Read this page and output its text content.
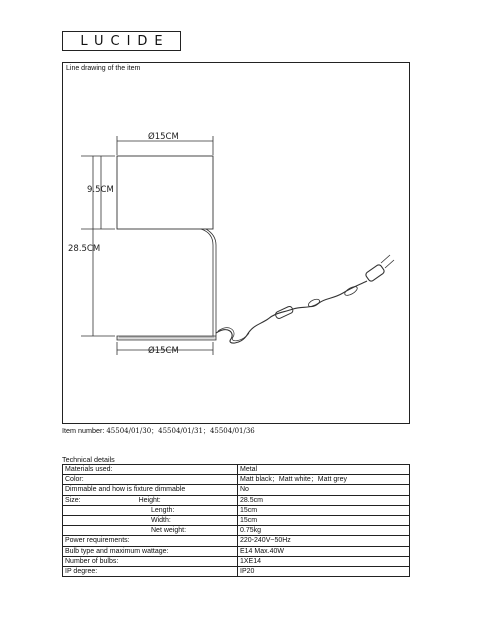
LUCIDE
Line drawing of the item
Ø15CM
Ø15CM
9.5CM
28.5CM
Item number: 45504/01/30；45504/01/31；45504/01/36
Technical details
Materials used:	Metal
Color:	Matt black；Matt white；Matt grey
Dimmable and how is fixture dimmable	No
Size: Height:	28.5cm
Length:	15cm
Width:	15cm
Net weight:	0.75kg
Power requirements:	220-240V~50Hz
Bulb type and maximum wattage:	E14 Max.40W
Number of bulbs:	1XE14
IP degree:	IP20
